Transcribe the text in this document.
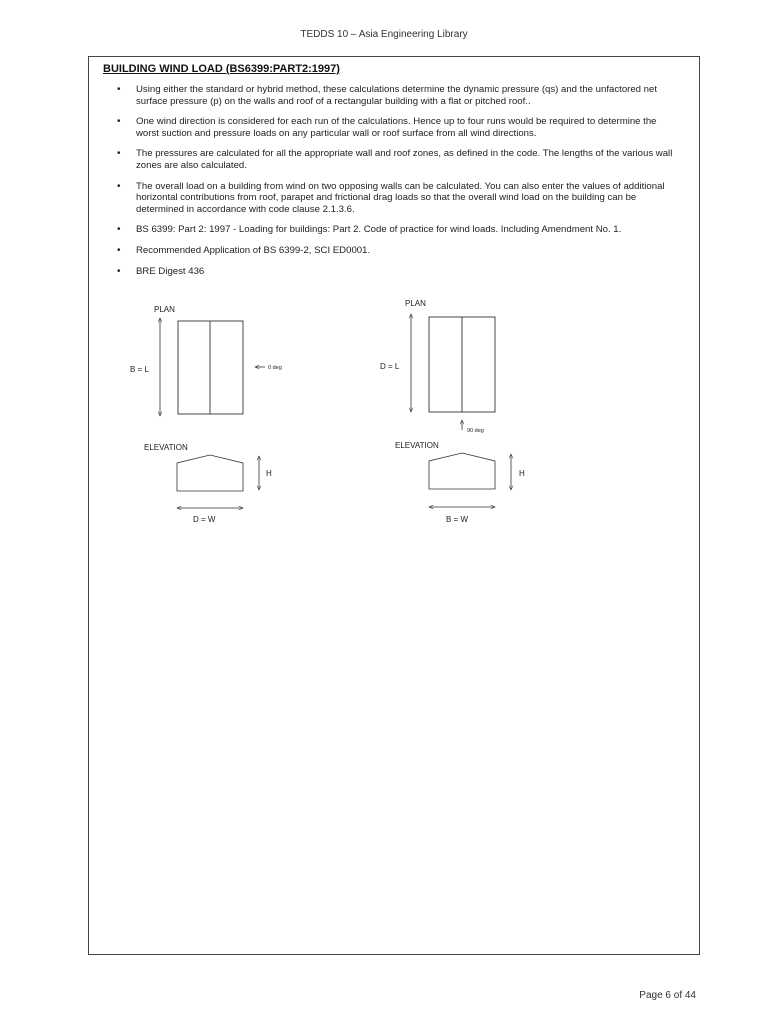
TEDDS 10 – Asia Engineering Library
BUILDING WIND LOAD (BS6399:PART2:1997)
• Using either the standard or hybrid method, these calculations determine the dynamic pressure (qs) and the unfactored net surface pressure (p) on the walls and roof of a rectangular building with a flat or pitched roof..
• One wind direction is considered for each run of the calculations. Hence up to four runs would be required to determine the worst suction and pressure loads on any particular wall or roof surface from all wind directions.
• The pressures are calculated for all the appropriate wall and roof zones, as defined in the code. The lengths of the various wall zones are also calculated.
• The overall load on a building from wind on two opposing walls can be calculated. You can also enter the values of additional horizontal contributions from roof, parapet and frictional drag loads so that the overall wind load on the building can be determined in accordance with code clause 2.1.3.6.
• BS 6399: Part 2: 1997 - Loading for buildings: Part 2. Code of practice for wind loads. Including Amendment No. 1.
• Recommended Application of BS 6399-2, SCI ED0001.
• BRE Digest 436
PLAN
B = L	0 deg
ELEVATION
H
D = W
PLAN
D = L
90 deg
ELEVATION
H
B = W
Page 6 of 44
